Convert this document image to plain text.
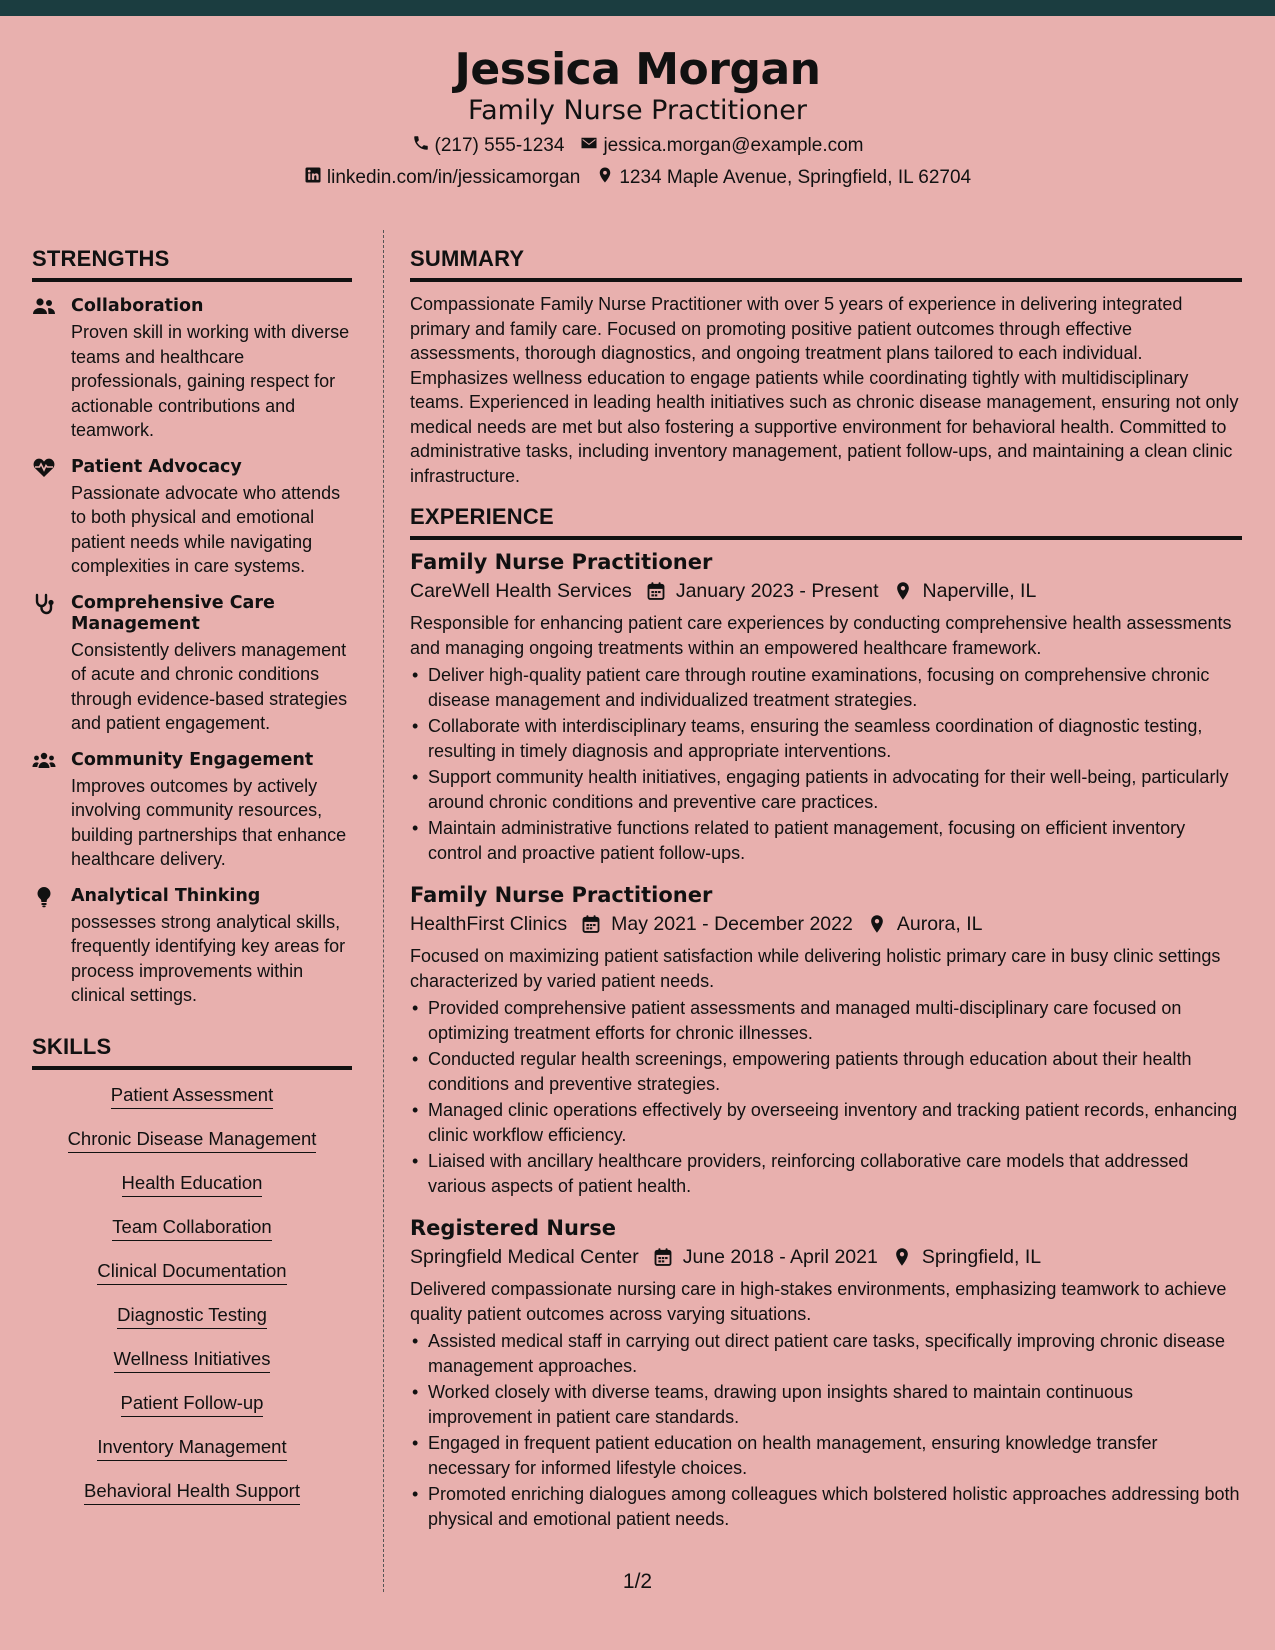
Jessica Morgan
Family Nurse Practitioner
(217) 555-1234 jessica.morgan@example.com
linkedin.com/in/jessicamorgan 1234 Maple Avenue, Springfield, IL 62704
STRENGTHS
Collaboration
Proven skill in working with diverse teams and healthcare professionals, gaining respect for actionable contributions and teamwork.
Patient Advocacy
Passionate advocate who attends to both physical and emotional patient needs while navigating complexities in care systems.
Comprehensive Care Management
Consistently delivers management of acute and chronic conditions through evidence-based strategies and patient engagement.
Community Engagement
Improves outcomes by actively involving community resources, building partnerships that enhance healthcare delivery.
Analytical Thinking
possesses strong analytical skills, frequently identifying key areas for process improvements within clinical settings.
SKILLS
Patient Assessment
Chronic Disease Management
Health Education
Team Collaboration
Clinical Documentation
Diagnostic Testing
Wellness Initiatives
Patient Follow-up
Inventory Management
Behavioral Health Support
SUMMARY

Compassionate Family Nurse Practitioner with over 5 years of experience in delivering integrated primary and family care. Focused on promoting positive patient outcomes through effective assessments, thorough diagnostics, and ongoing treatment plans tailored to each individual. Emphasizes wellness education to engage patients while coordinating tightly with multidisciplinary teams. Experienced in leading health initiatives such as chronic disease management, ensuring not only medical needs are met but also fostering a supportive environment for behavioral health. Committed to administrative tasks, including inventory management, patient follow-ups, and maintaining a clean clinic infrastructure.

EXPERIENCE
Family Nurse Practitioner
CareWell Health Services January 2023 - Present Naperville, IL

Responsible for enhancing patient care experiences by conducting comprehensive health assessments and managing ongoing treatments within an empowered healthcare framework.

• Deliver high-quality patient care through routine examinations, focusing on comprehensive chronic disease management and individualized treatment strategies.
• Collaborate with interdisciplinary teams, ensuring the seamless coordination of diagnostic testing, resulting in timely diagnosis and appropriate interventions.
• Support community health initiatives, engaging patients in advocating for their well-being, particularly around chronic conditions and preventive care practices.
• Maintain administrative functions related to patient management, focusing on efficient inventory control and proactive patient follow-ups.
Family Nurse Practitioner
HealthFirst Clinics May 2021 - December 2022 Aurora, IL

Focused on maximizing patient satisfaction while delivering holistic primary care in busy clinic settings characterized by varied patient needs.

• Provided comprehensive patient assessments and managed multi-disciplinary care focused on optimizing treatment efforts for chronic illnesses.
• Conducted regular health screenings, empowering patients through education about their health conditions and preventive strategies.
• Managed clinic operations effectively by overseeing inventory and tracking patient records, enhancing clinic workflow efficiency.
• Liaised with ancillary healthcare providers, reinforcing collaborative care models that addressed various aspects of patient health.
Registered Nurse
Springfield Medical Center June 2018 - April 2021 Springfield, IL

Delivered compassionate nursing care in high-stakes environments, emphasizing teamwork to achieve quality patient outcomes across varying situations.

• Assisted medical staff in carrying out direct patient care tasks, specifically improving chronic disease management approaches.
• Worked closely with diverse teams, drawing upon insights shared to maintain continuous improvement in patient care standards.
• Engaged in frequent patient education on health management, ensuring knowledge transfer necessary for informed lifestyle choices.
• Promoted enriching dialogues among colleagues which bolstered holistic approaches addressing both physical and emotional patient needs.
1/2
